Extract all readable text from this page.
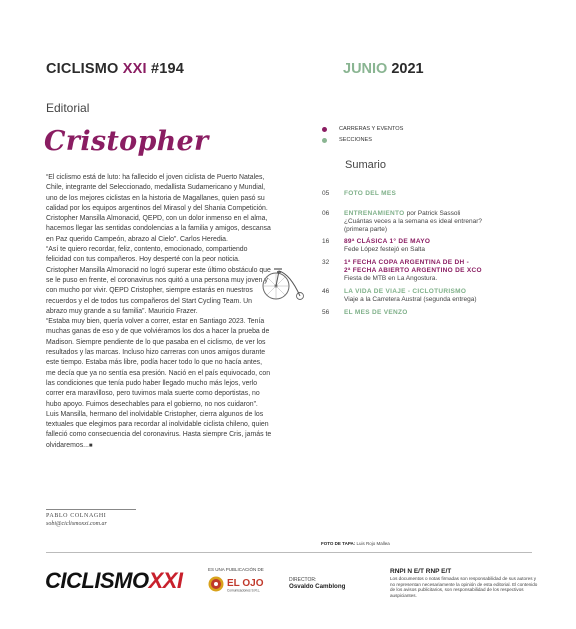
CICLISMO XXI #194	JUNIO 2021
Editorial
Cristopher

“El ciclismo está de luto: ha fallecido el joven ciclista de Puerto Natales, Chile, integrante del Seleccionado, medallista Sudamericano y Mundial, uno de los mejores ciclistas en la historia de Magallanes, quien pasó su calidad por los equipos argentinos del Mirasol y del Shania Competición. Cristopher Mansilla Almonacid, QEPD, con un dolor inmenso en el alma, hacemos llegar las sentidas condolencias a la familia y amigos, descansa en Paz querido Campeón, abrazo al Cielo”. Carlos Heredia.

“Así te quiero recordar, feliz, contento, emocionado, compartiendo felicidad con tus compañeros. Hoy desperté con la peor noticia. Cristopher Mansilla Almonacid no logró superar este último obstáculo que se le puso en frente, el coronavirus nos quitó a una persona muy joven y con mucho por vivir. QEPD Cristopher, siempre estarás en nuestros recuerdos y el de todos tus compañeros del Start Cycling Team. Un abrazo muy grande a su familia”. Mauricio Frazer.

“Estaba muy bien, quería volver a correr, estar en Santiago 2023. Tenía muchas ganas de eso y de que volviéramos los dos a hacer la prueba de Madison. Siempre pendiente de lo que pasaba en el ciclismo, de ver los resultados y las marcas. Incluso hizo carreras con unos amigos durante este tiempo. Estaba más libre, podía hacer todo lo que no hacía antes, me decía que ya no sentía esa presión. Nació en el país equivocado, con las condiciones que tenía pudo haber llegado mucho más lejos, verlo correr era maravilloso, pero tuvimos mala suerte como deportistas, no hubo apoyo. Fuimos desechables para el gobierno, no nos cuidaron”.

Luis Mansilla, hermano del inolvidable Cristopher, cierra algunos de los textuales que elegimos para recordar al inolvidable ciclista chileno, quien falleció como consecuencia del coronavirus. Hasta siempre Cris, jamás te olvidaremos...■

PABLO COLNAGHI
sobi@ciclismoxxi.com.ar
CARRERAS Y EVENTOS
SECCIONES
Sumario
05 FOTO DEL MES
06 ENTRENAMIENTO por Patrick Sassoli
¿Cuántas veces a la semana es ideal entrenar?
(primera parte)
16 89ª CLÁSICA 1° DE MAYO
Fede López festejó en Salta
32 1ª FECHA COPA ARGENTINA DE DH -
2ª FECHA ABIERTO ARGENTINO DE XCO
Fiesta de MTB en La Angostura.
46 LA VIDA DE VIAJE - CICLOTURISMO
Viaje a la Carretera Austral (segunda entrega)
56 EL MES DE VENZO
FOTO DE TAPA: Luis Rojo Mallea
CICLISMOXXI	ES UNA PUBLICACIÓN DE
EL OJO
Comunicaciones S.R.L.
DIRECTOR:
Osvaldo Camblong
RNPI N E/T RNP E/T
Los documentos o notas firmadas son responsabilidad de sus autores y no representan necesariamente la opinión de esta editorial. El contenido de los avisos publicitarios, son responsabilidad de los respectivos auspiciantes.
